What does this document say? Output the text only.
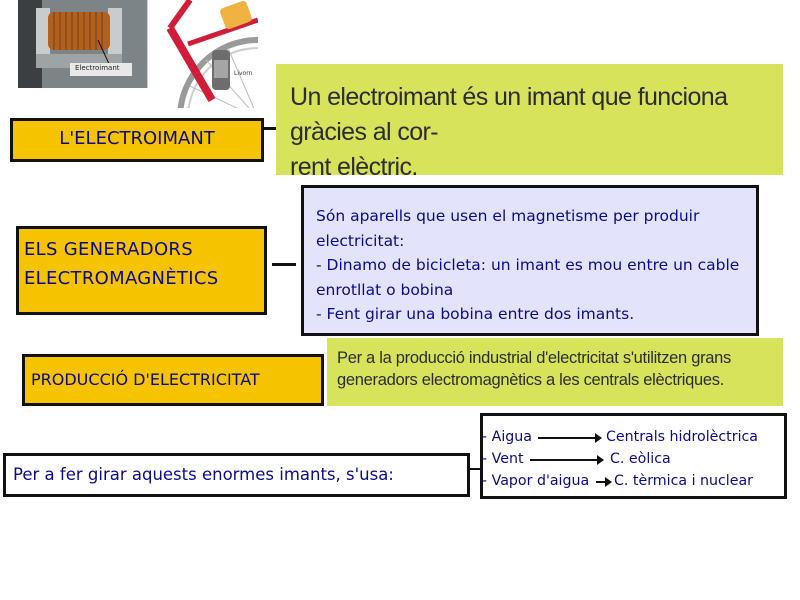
Electroimant
Livorn
L'ELECTROIMANT
Un electroimant és un imant que funciona gràcies al cor-
rent elèctric.
ELS GENERADORS
ELECTROMAGNÈTICS
Són aparells que usen el magnetisme per produir
electricitat:
- Dinamo de bicicleta: un imant es mou entre un cable
enrotllat o bobina
- Fent girar una bobina entre dos imants.
PRODUCCIÓ D'ELECTRICITAT
Per a la producció industrial d'electricitat s'utilitzen grans
generadors electromagnètics a les centrals elèctriques.
Per a fer girar aquests enormes imants, s'usa:
- Aigua	Centrals hidrolèctrica
- Vent	C. eòlica
- Vapor d'aigua C. tèrmica i nuclear
